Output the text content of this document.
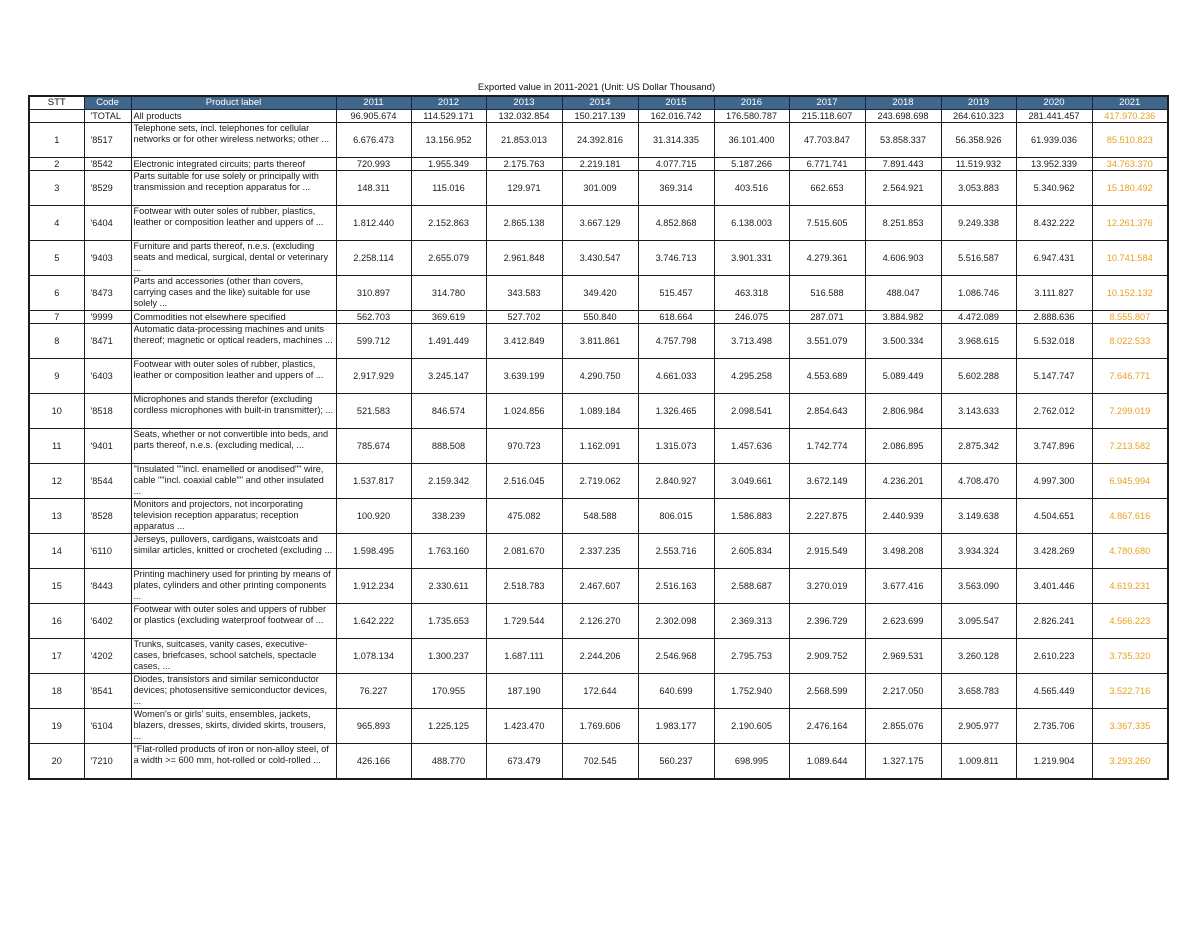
Exported value in 2011-2021 (Unit: US Dollar Thousand)
STT	Code	Product label	2011	2012	2013	2014	2015	2016	2017	2018	2019	2020	2021
	'TOTAL	All products	96.905.674	114.529.171	132.032.854	150.217.139	162.016.742	176.580.787	215.118.607	243.698.698	264.610.323	281.441.457	417.970.236
1	'8517	Telephone sets, incl. telephones for cellular networks or for other wireless networks; other ...	6.676.473	13.156.952	21.853.013	24.392.816	31.314.335	36.101.400	47.703.847	53.858.337	56.358.926	61.939.036	85.510.823
2	'8542	Electronic integrated circuits; parts thereof	720.993	1.955.349	2.175.763	2.219.181	4.077.715	5.187.266	6.771.741	7.891.443	11.519.932	13.952.339	34.763.370
3	'8529	Parts suitable for use solely or principally with transmission and reception apparatus for ...	148.311	115.016	129.971	301.009	369.314	403.516	662.653	2.564.921	3.053.883	5.340.962	15.180.492
4	'6404	Footwear with outer soles of rubber, plastics, leather or composition leather and uppers of ...	1.812.440	2.152.863	2.865.138	3.667.129	4.852.868	6.138.003	7.515.605	8.251.853	9.249.338	8.432.222	12.261.376
5	'9403	Furniture and parts thereof, n.e.s. (excluding seats and medical, surgical, dental or veterinary ...	2.258.114	2.655.079	2.961.848	3.430.547	3.746.713	3.901.331	4.279.361	4.606.903	5.516.587	6.947.431	10.741.584
6	'8473	Parts and accessories (other than covers, carrying cases and the like) suitable for use solely ...	310.897	314.780	343.583	349.420	515.457	463.318	516.588	488.047	1.086.746	3.111.827	10.152.132
7	'9999	Commodities not elsewhere specified	562.703	369.619	527.702	550.840	618.664	246.075	287.071	3.884.982	4.472.089	2.888.636	8.555.807
8	'8471	Automatic data-processing machines and units thereof; magnetic or optical readers, machines ...	599.712	1.491.449	3.412.849	3.811.861	4.757.798	3.713.498	3.551.079	3.500.334	3.968.615	5.532.018	8.022.533
9	'6403	Footwear with outer soles of rubber, plastics, leather or composition leather and uppers of ...	2.917.929	3.245.147	3.639.199	4.290.750	4.661.033	4.295.258	4.553.689	5.089.449	5.602.288	5.147.747	7.646.771
10	'8518	Microphones and stands therefor (excluding cordless microphones with built-in transmitter); ...	521.583	846.574	1.024.856	1.089.184	1.326.465	2.098.541	2.854.643	2.806.984	3.143.633	2.762.012	7.299.019
11	'9401	Seats, whether or not convertible into beds, and parts thereof, n.e.s. (excluding medical, ...	785.674	888.508	970.723	1.162.091	1.315.073	1.457.636	1.742.774	2.086.895	2.875.342	3.747.896	7.213.582
12	'8544	"Insulated ""incl. enamelled or anodised"" wire, cable ""incl. coaxial cable"" and other insulated ...	1.537.817	2.159.342	2.516.045	2.719.062	2.840.927	3.049.661	3.672.149	4.236.201	4.708.470	4.997.300	6.945.994
13	'8528	Monitors and projectors, not incorporating television reception apparatus; reception apparatus ...	100.920	338.239	475.082	548.588	806.015	1.586.883	2.227.875	2.440.939	3.149.638	4.504.651	4.867.616
14	'6110	Jerseys, pullovers, cardigans, waistcoats and similar articles, knitted or crocheted (excluding ...	1.598.495	1.763.160	2.081.670	2.337.235	2.553.716	2.605.834	2.915.549	3.498.208	3.934.324	3.428.269	4.780.680
15	'8443	Printing machinery used for printing by means of plates, cylinders and other printing components ...	1.912.234	2.330.611	2.518.783	2.467.607	2.516.163	2.588.687	3.270.019	3.677.416	3.563.090	3.401.446	4.619.231
16	'6402	Footwear with outer soles and uppers of rubber or plastics (excluding waterproof footwear of ...	1.642.222	1.735.653	1.729.544	2.126.270	2.302.098	2.369.313	2.396.729	2.623.699	3.095.547	2.826.241	4.566.223
17	'4202	Trunks, suitcases, vanity cases, executive-cases, briefcases, school satchels, spectacle cases, ...	1.078.134	1.300.237	1.687.111	2.244.206	2.546.968	2.795.753	2.909.752	2.969.531	3.260.128	2.610.223	3.735.320
18	'8541	Diodes, transistors and similar semiconductor devices; photosensitive semiconductor devices, ...	76.227	170.955	187.190	172.644	640.699	1.752.940	2.568.599	2.217.050	3.658.783	4.565.449	3.522.716
19	'6104	Women's or girls' suits, ensembles, jackets, blazers, dresses, skirts, divided skirts, trousers, ...	965.893	1.225.125	1.423.470	1.769.606	1.983.177	2.190.605	2.476.164	2.855.076	2.905.977	2.735.706	3.367.335
20	'7210	"Flat-rolled products of iron or non-alloy steel, of a width >= 600 mm, hot-rolled or cold-rolled ...	426.166	488.770	673.479	702.545	560.237	698.995	1.089.644	1.327.175	1.009.811	1.219.904	3.293.260
